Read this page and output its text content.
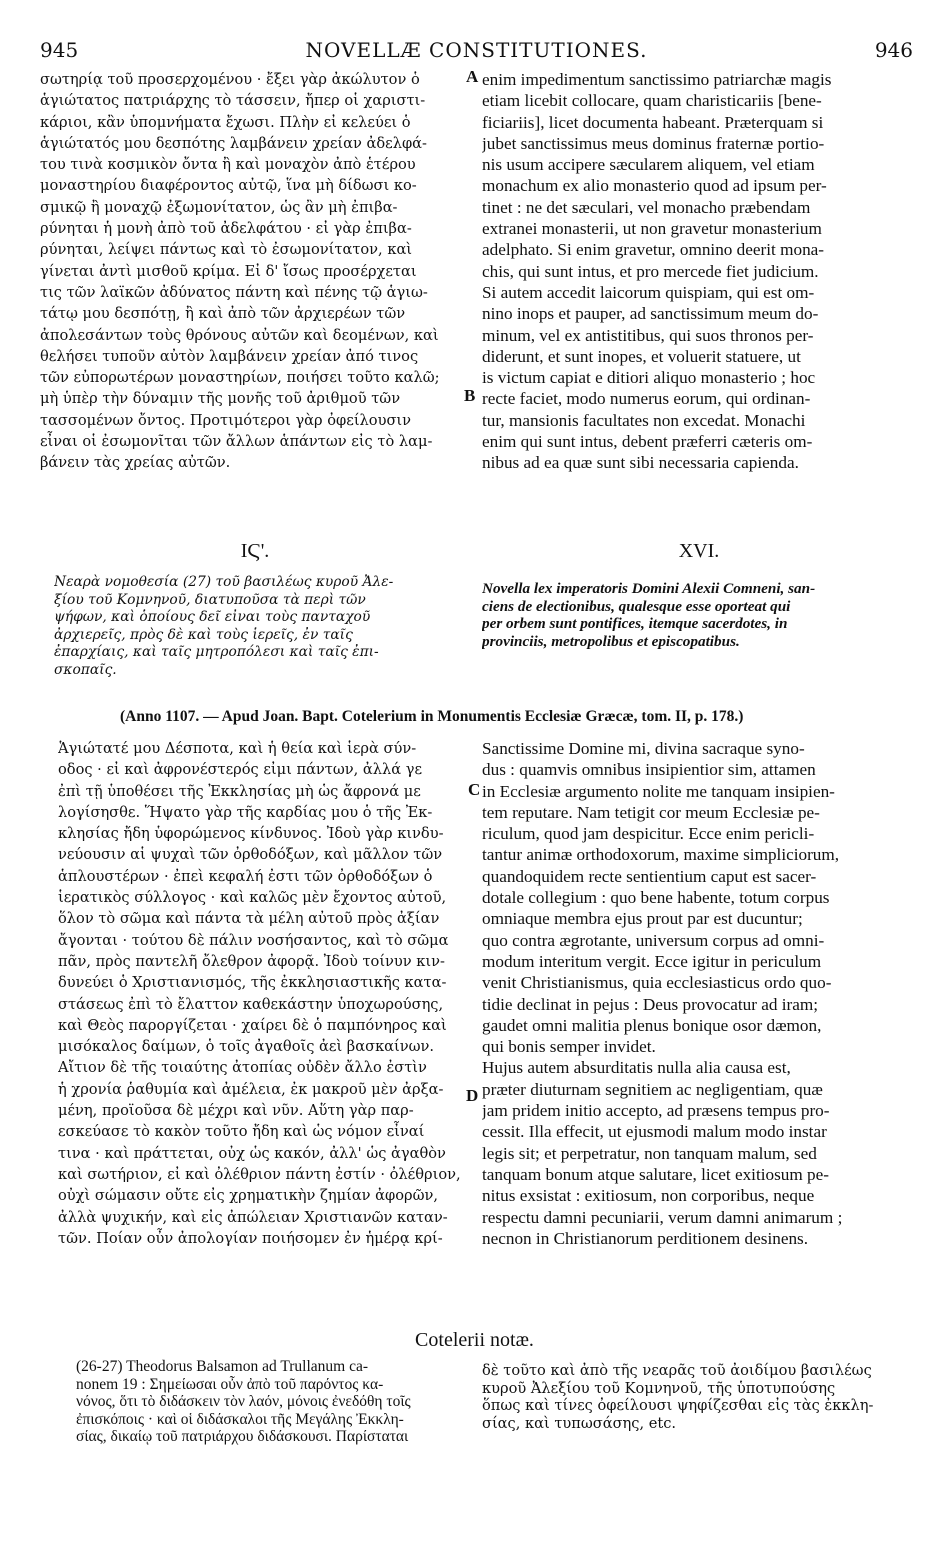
945	NOVELLÆ CONSTITUTIONES.	946
σωτηρίᾳ τοῦ προσερχομένου · ἔξει γὰρ ἀκώλυτον ὁ
ἁγιώτατος πατριάρχης τὸ τάσσειν, ἤπερ οἱ χαριστι-
κάριοι, κἂν ὑπομνήματα ἔχωσι. Πλὴν εἰ κελεύει ὁ
ἁγιώτατός μου δεσπότης λαμβάνειν χρείαν ἀδελφά-
του τινὰ κοσμικὸν ὄντα ἢ καὶ μοναχὸν ἀπὸ ἑτέρου
μοναστηρίου διαφέροντος αὐτῷ, ἵνα μὴ δίδωσι κο-
σμικῷ ἢ μοναχῷ ἐξωμονίτατον, ὡς ἂν μὴ ἐπιβα-
ρύνηται ἡ μονὴ ἀπὸ τοῦ ἀδελφάτου · εἰ γὰρ ἐπιβα-
ρύνηται, λείψει πάντως καὶ τὸ ἐσωμονίτατον, καὶ
γίνεται ἀντὶ μισθοῦ κρίμα. Εἰ δ' ἴσως προσέρχεται
τις τῶν λαϊκῶν ἀδύνατος πάντη καὶ πένης τῷ ἁγιω-
τάτῳ μου δεσπότῃ, ἢ καὶ ἀπὸ τῶν ἀρχιερέων τῶν
ἀπολεσάντων τοὺς θρόνους αὐτῶν καὶ δεομένων, καὶ
θελήσει τυποῦν αὐτὸν λαμβάνειν χρείαν ἀπό τινος
τῶν εὐπορωτέρων μοναστηρίων, ποιήσει τοῦτο καλῶ;
μὴ ὑπὲρ τὴν δύναμιν τῆς μονῆς τοῦ ἀριθμοῦ τῶν
τασσομένων ὄντος. Προτιμότεροι γὰρ ὀφείλουσιν
εἶναι οἱ ἐσωμονῖται τῶν ἄλλων ἁπάντων εἰς τὸ λαμ-
βάνειν τὰς χρείας αὐτῶν.
enim impedimentum sanctissimo patriarchæ magis
etiam licebit collocare, quam charisticariis [bene-
ficiariis], licet documenta habeant. Præterquam si
jubet sanctissimus meus dominus fraternæ portio-
nis usum accipere sæcularem aliquem, vel etiam
monachum ex alio monasterio quod ad ipsum per-
tinet : ne det sæculari, vel monacho præbendam
extranei monasterii, ut non gravetur monasterium
adelphato. Si enim gravetur, omnino deerit mona-
chis, qui sunt intus, et pro mercede fiet judicium.
Si autem accedit laicorum quispiam, qui est om-
nino inops et pauper, ad sanctissimum meum do-
minum, vel ex antistitibus, qui suos thronos per-
diderunt, et sunt inopes, et voluerit statuere, ut
is victum capiat e ditiori aliquo monasterio ; hoc
recte faciet, modo numerus eorum, qui ordinan-
tur, mansionis facultates non excedat. Monachi
enim qui sunt intus, debent præferri cæteris om-
nibus ad ea quæ sunt sibi necessaria capienda.
A
B
ΙϚ'.	XVI.
Νεαρὰ νομοθεσία (27) τοῦ βασιλέως κυροῦ Ἀλε-
ξίου τοῦ Κομνηνοῦ, διατυποῦσα τὰ περὶ τῶν
ψήφων, καὶ ὁποίους δεῖ εἶναι τοὺς πανταχοῦ
ἀρχιερεῖς, πρὸς δὲ καὶ τοὺς ἱερεῖς, ἐν ταῖς
ἐπαρχίαις, καὶ ταῖς μητροπόλεσι καὶ ταῖς ἐπι-
σκοπαῖς.
Novella lex imperatoris Domini Alexii Comneni, san-
ciens de electionibus, qualesque esse oporteat qui
per orbem sunt pontifices, itemque sacerdotes, in
provinciis, metropolibus et episcopatibus.
(Anno 1107. — Apud Joan. Bapt. Cotelerium in Monumentis Ecclesiæ Græcæ, tom. II, p. 178.)
Ἁγιώτατέ μου Δέσποτα, καὶ ἡ θεία καὶ ἱερὰ σύν-
οδος · εἰ καὶ ἀφρονέστερός εἰμι πάντων, ἀλλά γε
ἐπὶ τῇ ὑποθέσει τῆς Ἐκκλησίας μὴ ὡς ἄφρονά με
λογίσησθε. Ἥψατο γὰρ τῆς καρδίας μου ὁ τῆς Ἐκ-
κλησίας ἤδη ὑφορώμενος κίνδυνος. Ἰδοὺ γὰρ κινδυ-
νεύουσιν αἱ ψυχαὶ τῶν ὀρθοδόξων, καὶ μᾶλλον τῶν
ἁπλουστέρων · ἐπεὶ κεφαλή ἐστι τῶν ὀρθοδόξων ὁ
ἱερατικὸς σύλλογος · καὶ καλῶς μὲν ἔχοντος αὐτοῦ,
ὅλον τὸ σῶμα καὶ πάντα τὰ μέλη αὐτοῦ πρὸς ἀξίαν
ἄγονται · τούτου δὲ πάλιν νοσήσαντος, καὶ τὸ σῶμα
πᾶν, πρὸς παντελῆ ὄλεθρον ἀφορᾷ. Ἰδοὺ τοίνυν κιν-
δυνεύει ὁ Χριστιανισμός, τῆς ἐκκλησιαστικῆς κατα-
στάσεως ἐπὶ τὸ ἔλαττον καθεκάστην ὑποχωρούσης,
καὶ Θεὸς παροργίζεται · χαίρει δὲ ὁ παμπόνηρος καὶ
μισόκαλος δαίμων, ὁ τοῖς ἀγαθοῖς ἀεὶ βασκαίνων.
Αἴτιον δὲ τῆς τοιαύτης ἀτοπίας οὐδὲν ἄλλο ἐστὶν
ἡ χρονία ῥαθυμία καὶ ἀμέλεια, ἐκ μακροῦ μὲν ἀρξα-
μένη, προϊοῦσα δὲ μέχρι καὶ νῦν. Αὕτη γὰρ παρ-
εσκεύασε τὸ κακὸν τοῦτο ἤδη καὶ ὡς νόμον εἶναί
τινα · καὶ πράττεται, οὐχ ὡς κακόν, ἀλλ' ὡς ἀγαθὸν
καὶ σωτήριον, εἰ καὶ ὀλέθριον πάντη ἐστίν · ὀλέθριον,
οὐχὶ σώμασιν οὔτε εἰς χρηματικὴν ζημίαν ἀφορῶν,
ἀλλὰ ψυχικήν, καὶ εἰς ἀπώλειαν Χριστιανῶν καταν-
τῶν. Ποίαν οὖν ἀπολογίαν ποιήσομεν ἐν ἡμέρᾳ κρί-
Sanctissime Domine mi, divina sacraque syno-
dus : quamvis omnibus insipientior sim, attamen
in Ecclesiæ argumento nolite me tanquam insipien-
tem reputare. Nam tetigit cor meum Ecclesiæ pe-
riculum, quod jam despicitur. Ecce enim pericli-
tantur animæ orthodoxorum, maxime simpliciorum,
quandoquidem recte sentientium caput est sacer-
dotale collegium : quo bene habente, totum corpus
omniaque membra ejus prout par est ducuntur;
quo contra ægrotante, universum corpus ad omni-
modum interitum vergit. Ecce igitur in periculum
venit Christianismus, quia ecclesiasticus ordo quo-
tidie declinat in pejus : Deus provocatur ad iram;
gaudet omni malitia plenus bonique osor dæmon,
qui bonis semper invidet.
Hujus autem absurditatis nulla alia causa est,
præter diuturnam segnitiem ac negligentiam, quæ
jam pridem initio accepto, ad præsens tempus pro-
cessit. Illa effecit, ut ejusmodi malum modo instar
legis sit; et perpetratur, non tanquam malum, sed
tanquam bonum atque salutare, licet exitiosum pe-
nitus exsistat : exitiosum, non corporibus, neque
respectu damni pecuniarii, verum damni animarum ;
necnon in Christianorum perditionem desinens.
C
D
Cotelerii notæ.
(26-27) Theodorus Balsamon ad Trullanum ca-
nonem 19 : Σημείωσαι οὖν ἀπὸ τοῦ παρόντος κα-
νόνος, ὅτι τὸ διδάσκειν τὸν λαόν, μόνοις ἐνεδόθη τοῖς
ἐπισκόποις · καὶ οἱ διδάσκαλοι τῆς Μεγάλης Ἐκκλη-
σίας, δικαίῳ τοῦ πατριάρχου διδάσκουσι. Παρίσταται
δὲ τοῦτο καὶ ἀπὸ τῆς νεαρᾶς τοῦ ἀοιδίμου βασιλέως
κυροῦ Ἀλεξίου τοῦ Κομνηνοῦ, τῆς ὑποτυπούσης
ὅπως καὶ τίνες ὀφείλουσι ψηφίζεσθαι εἰς τὰς ἐκκλη-
σίας, καὶ τυπωσάσης, etc.
